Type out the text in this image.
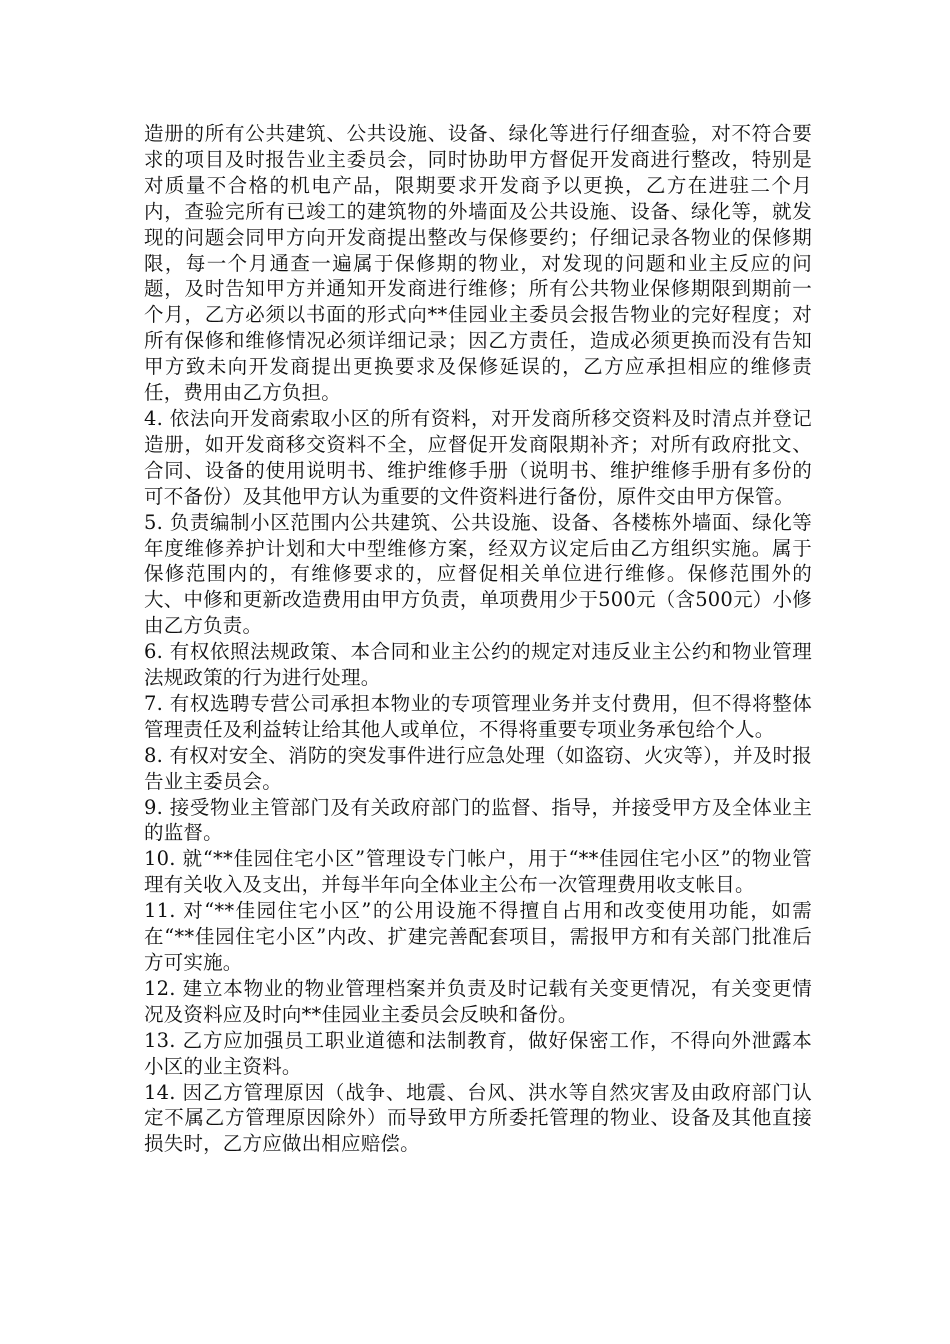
造册的所有公共建筑、公共设施、设备、绿化等进行仔细查验，对不符合要求的项目及时报告业主委员会，同时协助甲方督促开发商进行整改，特别是对质量不合格的机电产品，限期要求开发商予以更换，乙方在进驻二个月内，查验完所有已竣工的建筑物的外墙面及公共设施、设备、绿化等，就发现的问题会同甲方向开发商提出整改与保修要约；仔细记录各物业的保修期限，每一个月通查一遍属于保修期的物业，对发现的问题和业主反应的问题，及时告知甲方并通知开发商进行维修；所有公共物业保修期限到期前一个月，乙方必须以书面的形式向**佳园业主委员会报告物业的完好程度；对所有保修和维修情况必须详细记录；因乙方责任，造成必须更换而没有告知甲方致未向开发商提出更换要求及保修延误的，乙方应承担相应的维修责任，费用由乙方负担。

4. 依法向开发商索取小区的所有资料，对开发商所移交资料及时清点并登记造册，如开发商移交资料不全，应督促开发商限期补齐；对所有政府批文、合同、设备的使用说明书、维护维修手册（说明书、维护维修手册有多份的可不备份）及其他甲方认为重要的文件资料进行备份，原件交由甲方保管。

5. 负责编制小区范围内公共建筑、公共设施、设备、各楼栋外墙面、绿化等年度维修养护计划和大中型维修方案，经双方议定后由乙方组织实施。属于保修范围内的，有维修要求的，应督促相关单位进行维修。保修范围外的大、中修和更新改造费用由甲方负责，单项费用少于500元（含500元）小修由乙方负责。

6. 有权依照法规政策、本合同和业主公约的规定对违反业主公约和物业管理法规政策的行为进行处理。

7. 有权选聘专营公司承担本物业的专项管理业务并支付费用，但不得将整体管理责任及利益转让给其他人或单位，不得将重要专项业务承包给个人。

8. 有权对安全、消防的突发事件进行应急处理（如盗窃、火灾等），并及时报告业主委员会。

9. 接受物业主管部门及有关政府部门的监督、指导，并接受甲方及全体业主的监督。

10. 就“**佳园住宅小区”管理设专门帐户，用于“**佳园住宅小区”的物业管理有关收入及支出，并每半年向全体业主公布一次管理费用收支帐目。

11. 对“**佳园住宅小区”的公用设施不得擅自占用和改变使用功能，如需在“**佳园住宅小区”内改、扩建完善配套项目，需报甲方和有关部门批准后方可实施。

12. 建立本物业的物业管理档案并负责及时记载有关变更情况，有关变更情况及资料应及时向**佳园业主委员会反映和备份。

13. 乙方应加强员工职业道德和法制教育，做好保密工作，不得向外泄露本小区的业主资料。

14. 因乙方管理原因（战争、地震、台风、洪水等自然灾害及由政府部门认定不属乙方管理原因除外）而导致甲方所委托管理的物业、设备及其他直接损失时，乙方应做出相应赔偿。
